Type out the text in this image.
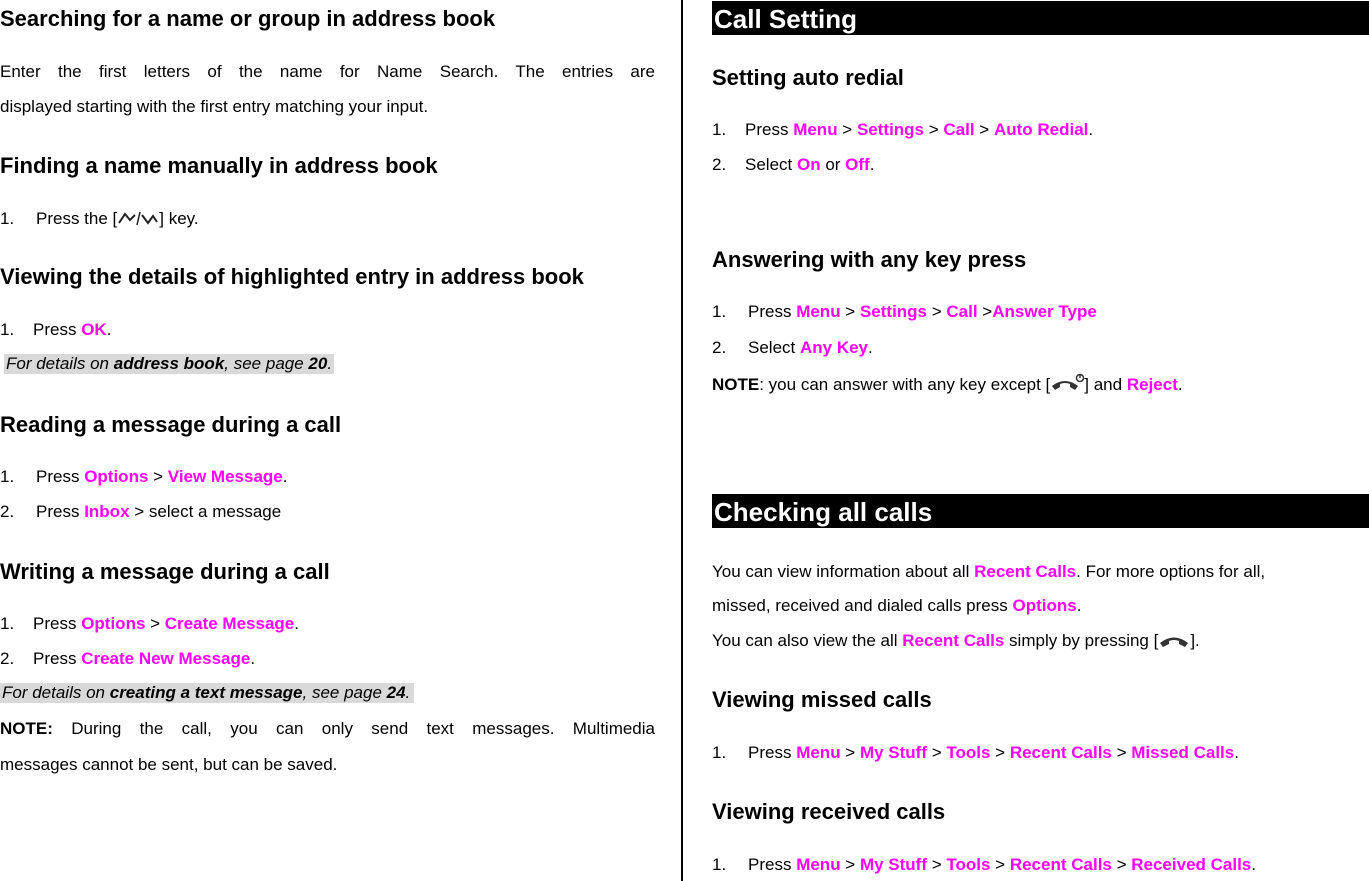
Searching for a name or group in address book
Enter the first letters of the name for Name Search. The entries are
displayed starting with the first entry matching your input.
Finding a name manually in address book
1. Press the [ ] key.
Viewing the details of highlighted entry in address book
1. Press OK.
For details on address book, see page 20.
Reading a message during a call
1. Press Options > View Message.
2. Press Inbox > select a message
Writing a message during a call
1. Press Options > Create Message.
2. Press Create New Message.
For details on creating a text message, see page 24.
NOTE: During the call, you can only send text messages. Multimedia
messages cannot be sent, but can be saved.
Call Setting
Setting auto redial
1. Press Menu > Settings > Call > Auto Redial.
2. Select On or Off.
Answering with any key press
1. Press Menu > Settings > Call >Answer Type
2. Select Any Key.
NOTE: you can answer with any key except [ ] and Reject.
Checking all calls
You can view information about all Recent Calls. For more options for all,
missed, received and dialed calls press Options.
You can also view the all Recent Calls simply by pressing [ ].
Viewing missed calls
1. Press Menu > My Stuff > Tools > Recent Calls > Missed Calls.
Viewing received calls
1. Press Menu > My Stuff > Tools > Recent Calls > Received Calls.
